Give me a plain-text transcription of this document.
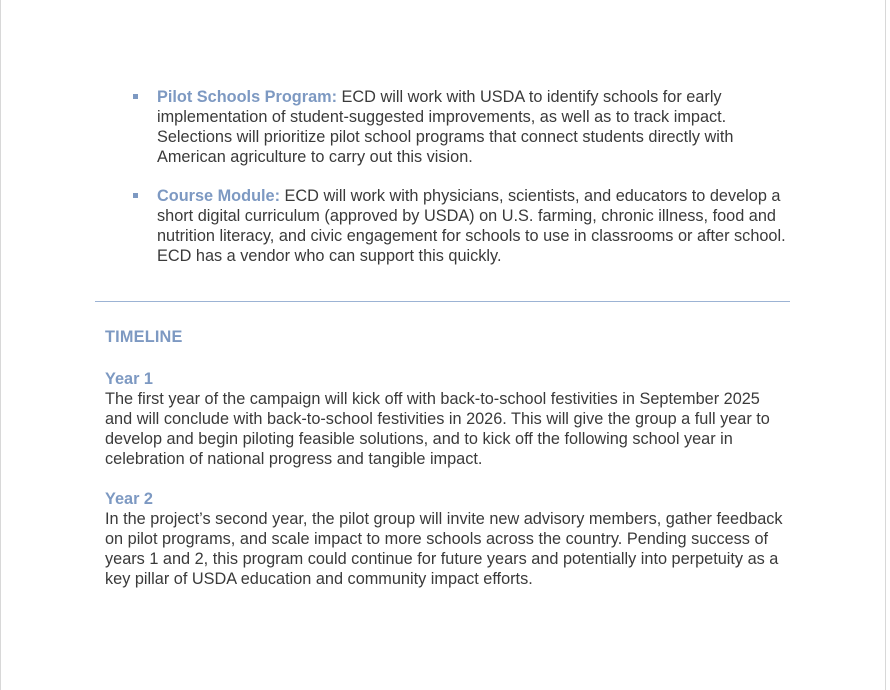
Pilot Schools Program: ECD will work with USDA to identify schools for early implementation of student-suggested improvements, as well as to track impact. Selections will prioritize pilot school programs that connect students directly with American agriculture to carry out this vision.
Course Module: ECD will work with physicians, scientists, and educators to develop a short digital curriculum (approved by USDA) on U.S. farming, chronic illness, food and nutrition literacy, and civic engagement for schools to use in classrooms or after school. ECD has a vendor who can support this quickly.
TIMELINE
Year 1

The first year of the campaign will kick off with back-to-school festivities in September 2025 and will conclude with back-to-school festivities in 2026. This will give the group a full year to develop and begin piloting feasible solutions, and to kick off the following school year in celebration of national progress and tangible impact.

Year 2

In the project’s second year, the pilot group will invite new advisory members, gather feedback on pilot programs, and scale impact to more schools across the country. Pending success of years 1 and 2, this program could continue for future years and potentially into perpetuity as a key pillar of USDA education and community impact efforts.
